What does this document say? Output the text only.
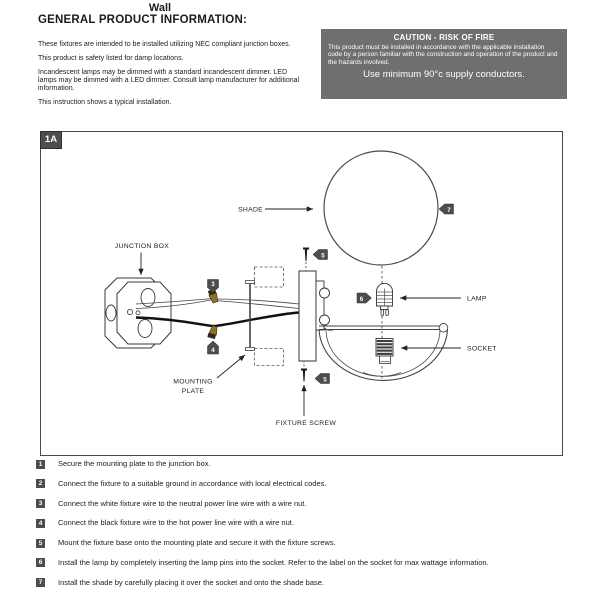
Wall
GENERAL PRODUCT INFORMATION:

These fixtures are intended to be installed utilizing NEC compliant junction boxes.

This product is safety listed for damp locations.

Incandescent lamps may be dimmed with a standard incandescent dimmer. LED lamps may be dimmed with a LED dimmer. Consult lamp manufacturer for additional information.

This instruction shows a typical installation.

CAUTION - RISK OF FIRE
This product must be installed in accordance with the applicable installation code by a person familiar with the construction and operation of the product and the hazards involved.
Use minimum 90°c supply conductors.
1A
SHADE
JUNCTION BOX
MOUNTING
PLATE
FIXTURE SCREW
LAMP
SOCKET
3
4
5
5
6
7
1	Secure the mounting plate to the junction box.
2	Connect the fixture to a suitable ground in accordance with local electrical codes.
3	Connect the white fixture wire to the neutral power line wire with a wire nut.
4	Connect the black fixture wire to the hot power line wire with a wire nut.
5	Mount the fixture base onto the mounting plate and secure it with the fixture screws.
6	Install the lamp by completely inserting the lamp pins into the socket. Refer to the label on the socket for max wattage information.
7	Install the shade by carefully placing it over the socket and onto the shade base.
